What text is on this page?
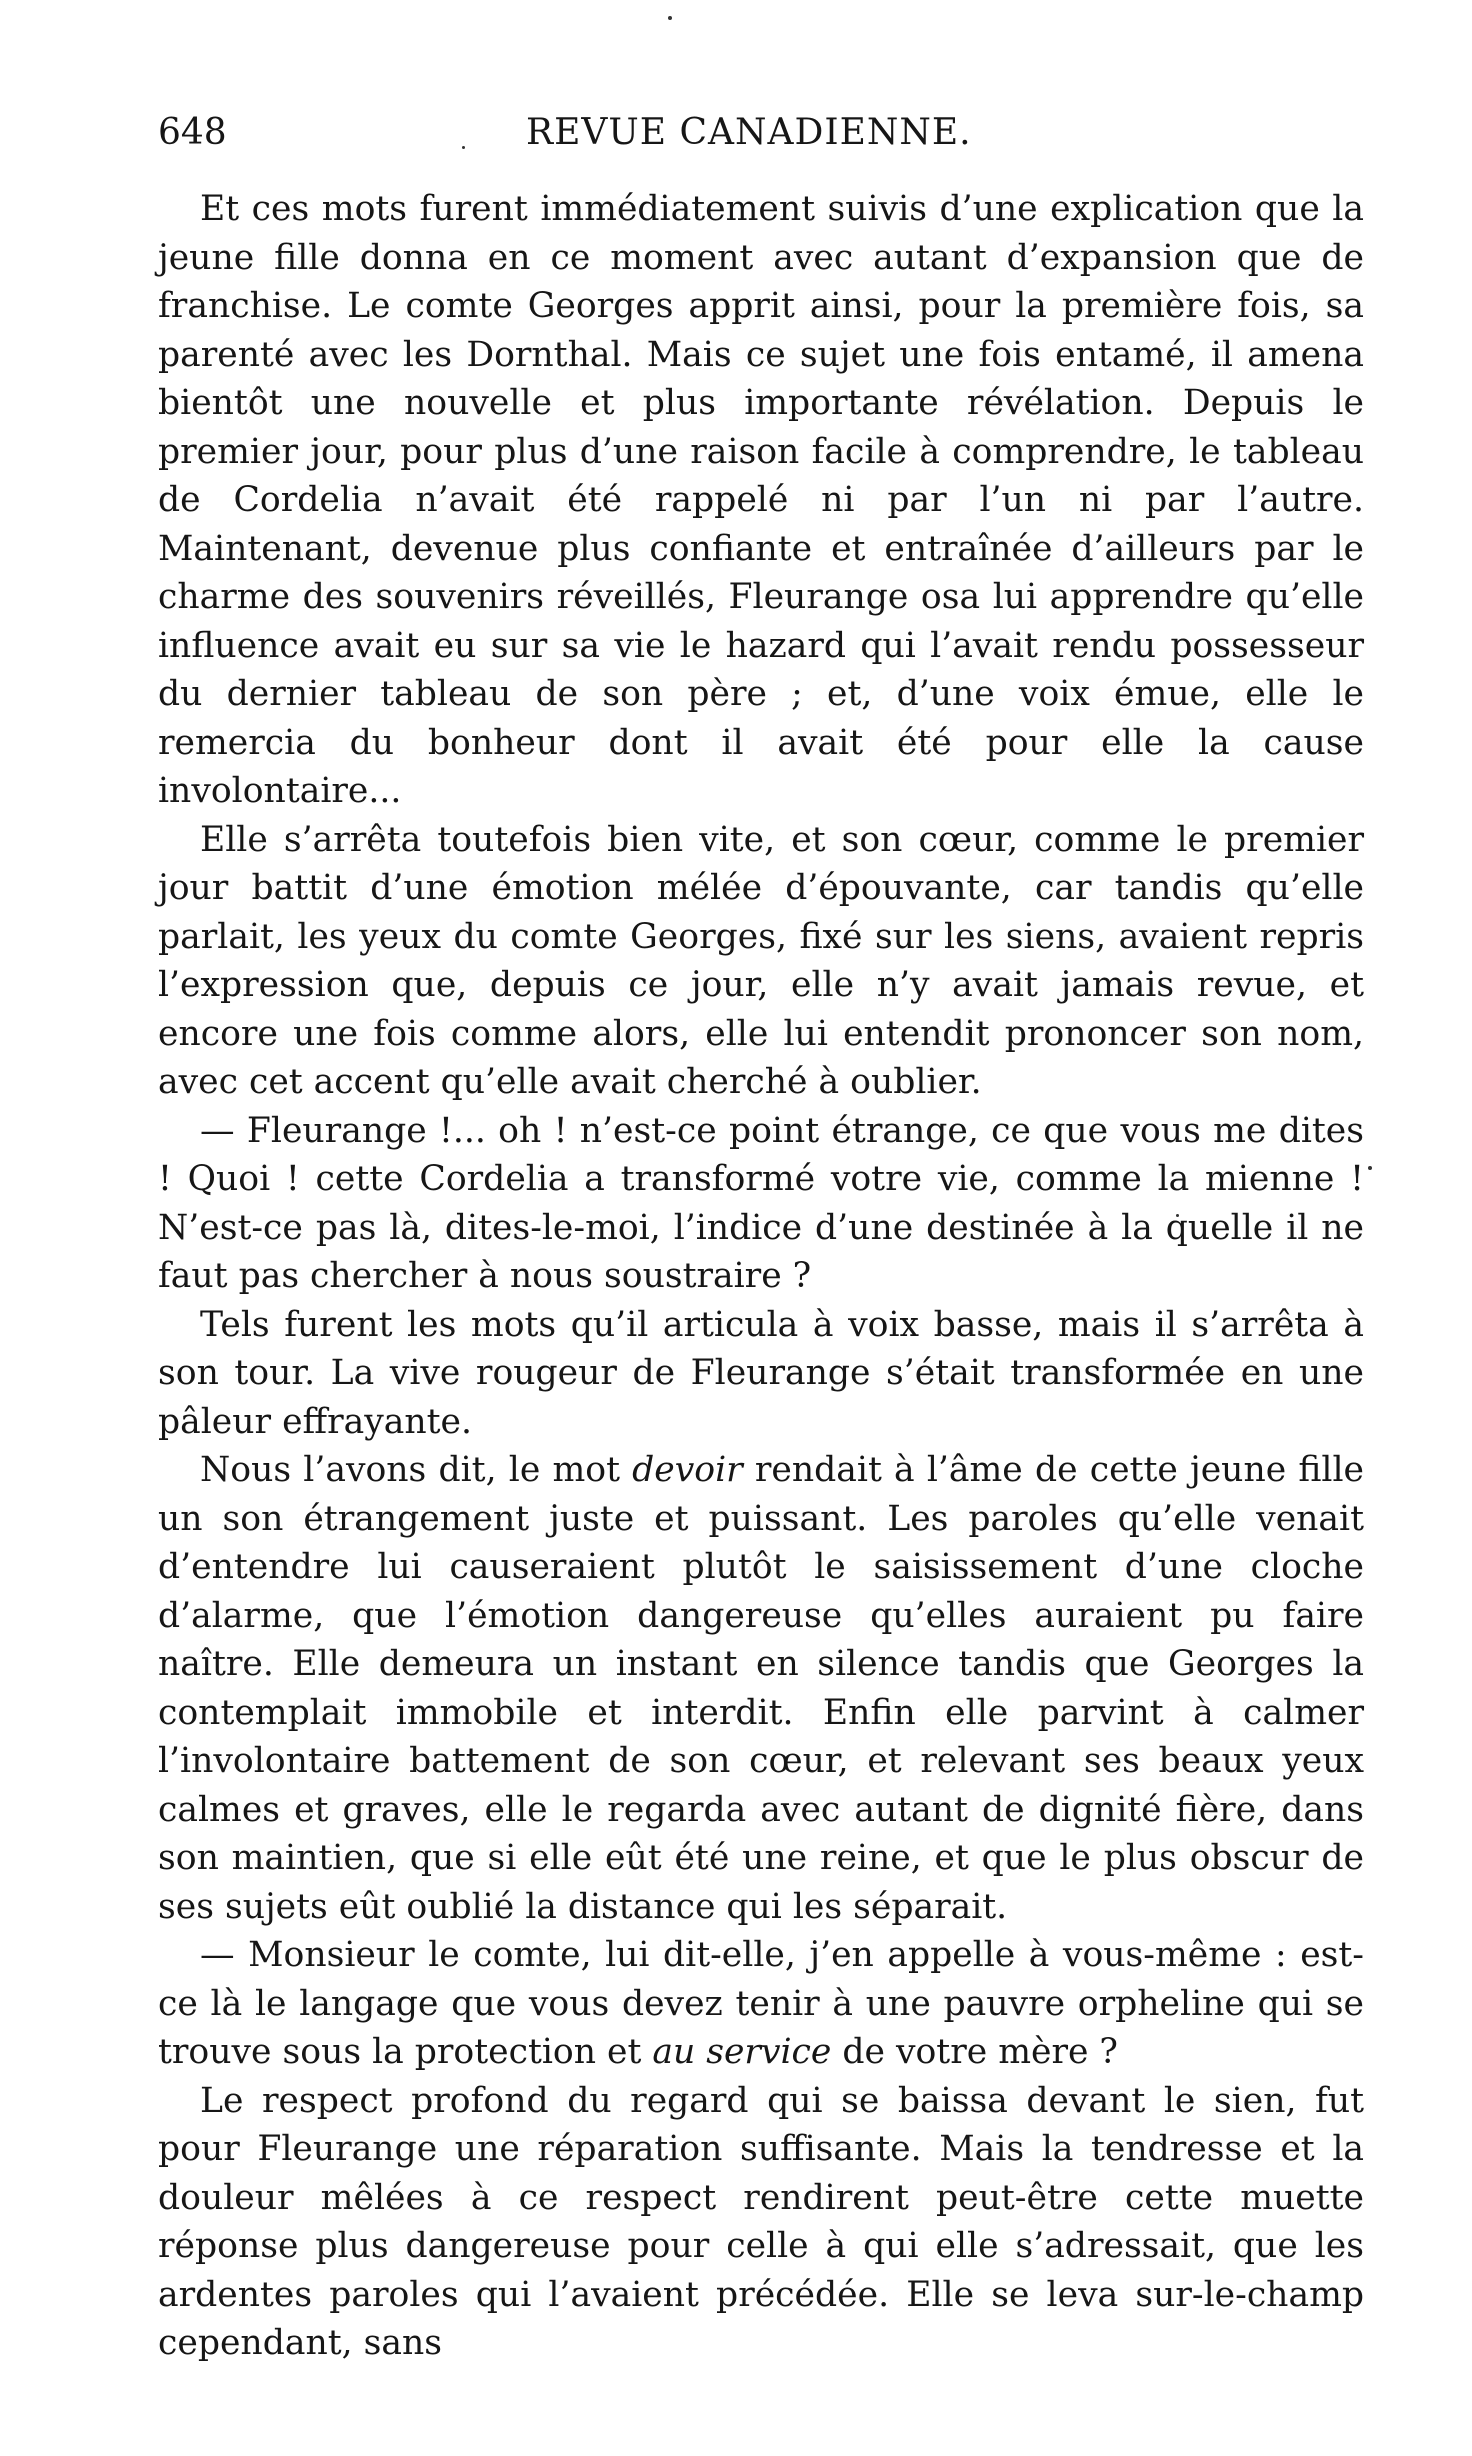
648	REVUE CANADIENNE.

Et ces mots furent immédiatement suivis d’une explication que la jeune fille donna en ce moment avec autant d’expansion que de franchise. Le comte Georges apprit ainsi, pour la première fois, sa parenté avec les Dornthal. Mais ce sujet une fois entamé, il amena bientôt une nouvelle et plus importante révélation. Depuis le premier jour, pour plus d’une raison facile à comprendre, le tableau de Cordelia n’avait été rappelé ni par l’un ni par l’autre. Maintenant, devenue plus confiante et entraînée d’ailleurs par le charme des souvenirs réveillés, Fleurange osa lui apprendre qu’elle influence avait eu sur sa vie le hazard qui l’avait rendu possesseur du dernier tableau de son père ; et, d’une voix émue, elle le remercia du bonheur dont il avait été pour elle la cause involontaire...

Elle s’arrêta toutefois bien vite, et son cœur, comme le premier jour battit d’une émotion mélée d’épouvante, car tandis qu’elle parlait, les yeux du comte Georges, fixé sur les siens, avaient repris l’expression que, depuis ce jour, elle n’y avait jamais revue, et encore une fois comme alors, elle lui entendit prononcer son nom, avec cet accent qu’elle avait cherché à oublier.

— Fleurange !... oh ! n’est-ce point étrange, ce que vous me dites ! Quoi ! cette Cordelia a transformé votre vie, comme la mienne ! N’est-ce pas là, dites-le-moi, l’indice d’une destinée à la quelle il ne faut pas chercher à nous soustraire ?

Tels furent les mots qu’il articula à voix basse, mais il s’arrêta à son tour. La vive rougeur de Fleurange s’était transformée en une pâleur effrayante.

Nous l’avons dit, le mot devoir rendait à l’âme de cette jeune fille un son étrangement juste et puissant. Les paroles qu’elle venait d’entendre lui causeraient plutôt le saisissement d’une cloche d’alarme, que l’émotion dangereuse qu’elles auraient pu faire naître. Elle demeura un instant en silence tandis que Georges la contemplait immobile et interdit. Enfin elle parvint à calmer l’involontaire battement de son cœur, et relevant ses beaux yeux calmes et graves, elle le regarda avec autant de dignité fière, dans son maintien, que si elle eût été une reine, et que le plus obscur de ses sujets eût oublié la distance qui les séparait.

— Monsieur le comte, lui dit-elle, j’en appelle à vous-même : est-ce là le langage que vous devez tenir à une pauvre orpheline qui se trouve sous la protection et au service de votre mère ?

Le respect profond du regard qui se baissa devant le sien, fut pour Fleurange une réparation suffisante. Mais la tendresse et la douleur mêlées à ce respect rendirent peut-être cette muette réponse plus dangereuse pour celle à qui elle s’adressait, que les ardentes paroles qui l’avaient précédée. Elle se leva sur-le-champ cependant, sans
